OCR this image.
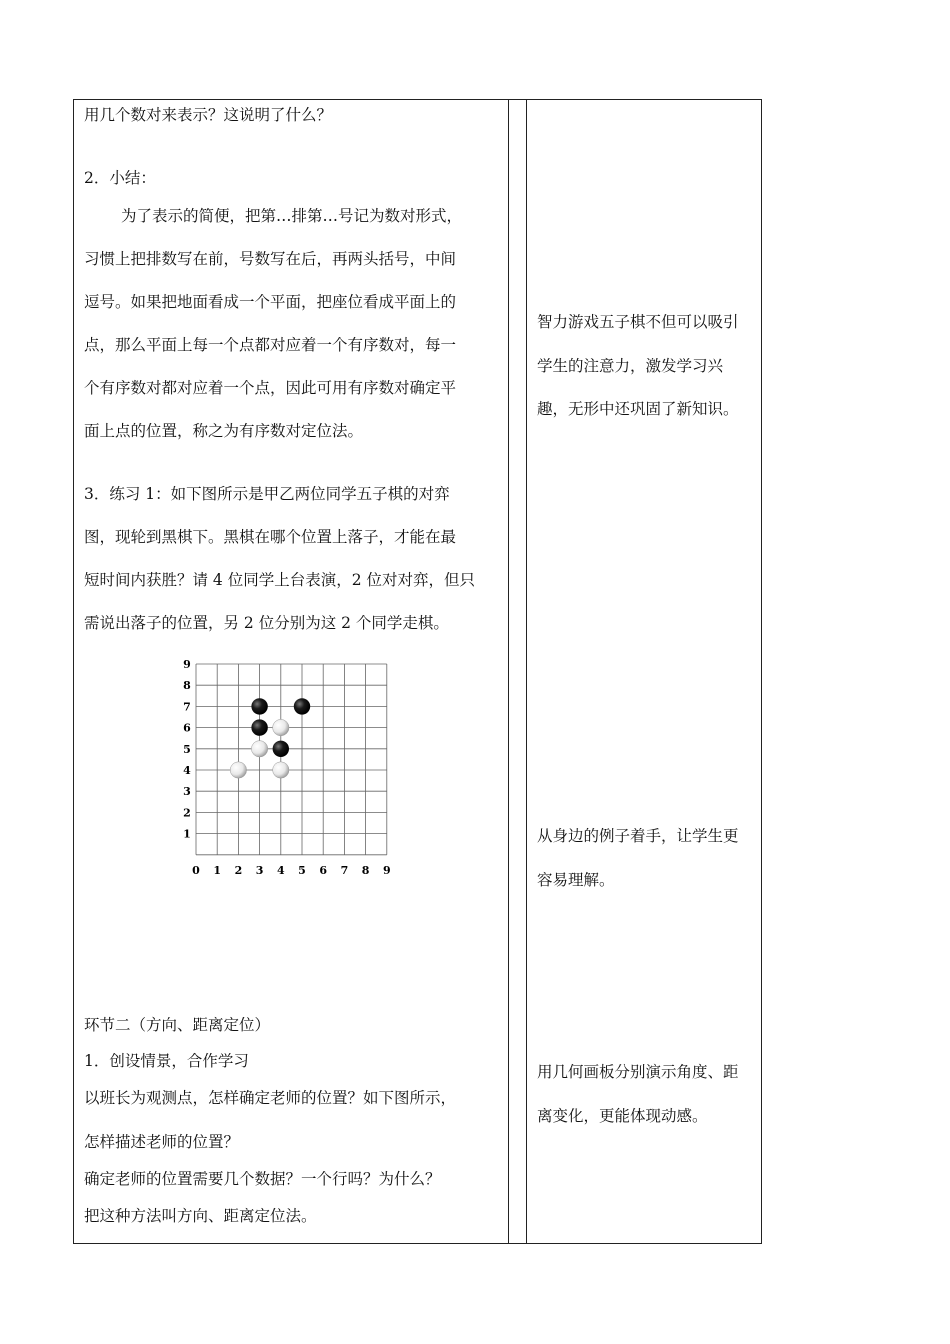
用几个数对来表示？这说明了什么？
2．小结：
为了表示的简便，把第…排第…号记为数对形式，
习惯上把排数写在前，号数写在后，再两头括号，中间
逗号。如果把地面看成一个平面，把座位看成平面上的
点，那么平面上每一个点都对应着一个有序数对，每一
个有序数对都对应着一个点，因此可用有序数对确定平
面上点的位置，称之为有序数对定位法。
3．练习 1：如下图所示是甲乙两位同学五子棋的对弈
图，现轮到黑棋下。黑棋在哪个位置上落子，才能在最
短时间内获胜？请 4 位同学上台表演，2 位对对弈，但只
需说出落子的位置，另 2 位分别为这 2 个同学走棋。
环节二（方向、距离定位）
1．创设情景，合作学习
以班长为观测点，怎样确定老师的位置？如下图所示，
怎样描述老师的位置？
确定老师的位置需要几个数据？一个行吗？为什么？
把这种方法叫方向、距离定位法。
智力游戏五子棋不但可以吸引
学生的注意力，激发学习兴
趣，无形中还巩固了新知识。
从身边的例子着手，让学生更
容易理解。
用几何画板分别演示角度、距
离变化，更能体现动感。
0 1 2 3 4 5 6 7 8 9
1
2
3
4
5
6
7
8
9
